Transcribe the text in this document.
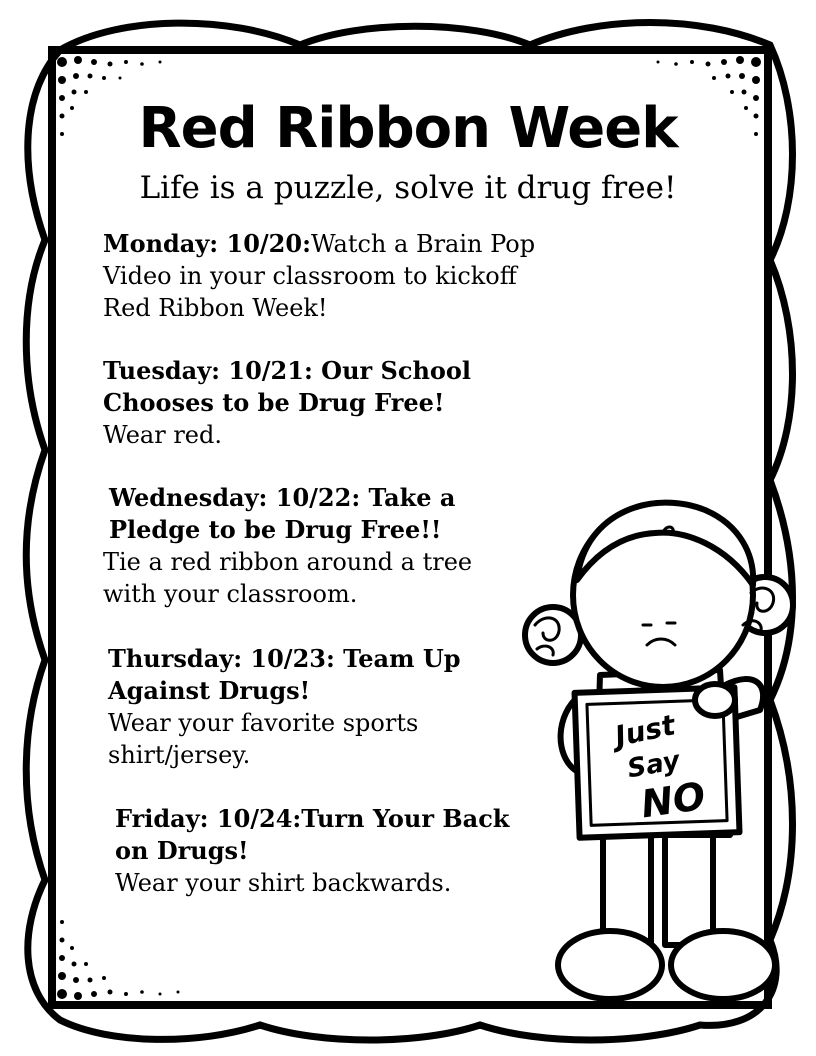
Red Ribbon Week
Life is a puzzle, solve it drug free!
Monday: 10/20:Watch a Brain Pop Video in your classroom to kickoff Red Ribbon Week!
Tuesday: 10/21: Our School Chooses to be Drug Free!
Wear red.
Wednesday: 10/22: Take a Pledge to be Drug Free!!
Tie a red ribbon around a tree with your classroom.
Thursday: 10/23: Team Up Against Drugs!
Wear your favorite sports shirt/jersey.
Friday: 10/24:Turn Your Back on Drugs!
Wear your shirt backwards.
Just
Say
NO
